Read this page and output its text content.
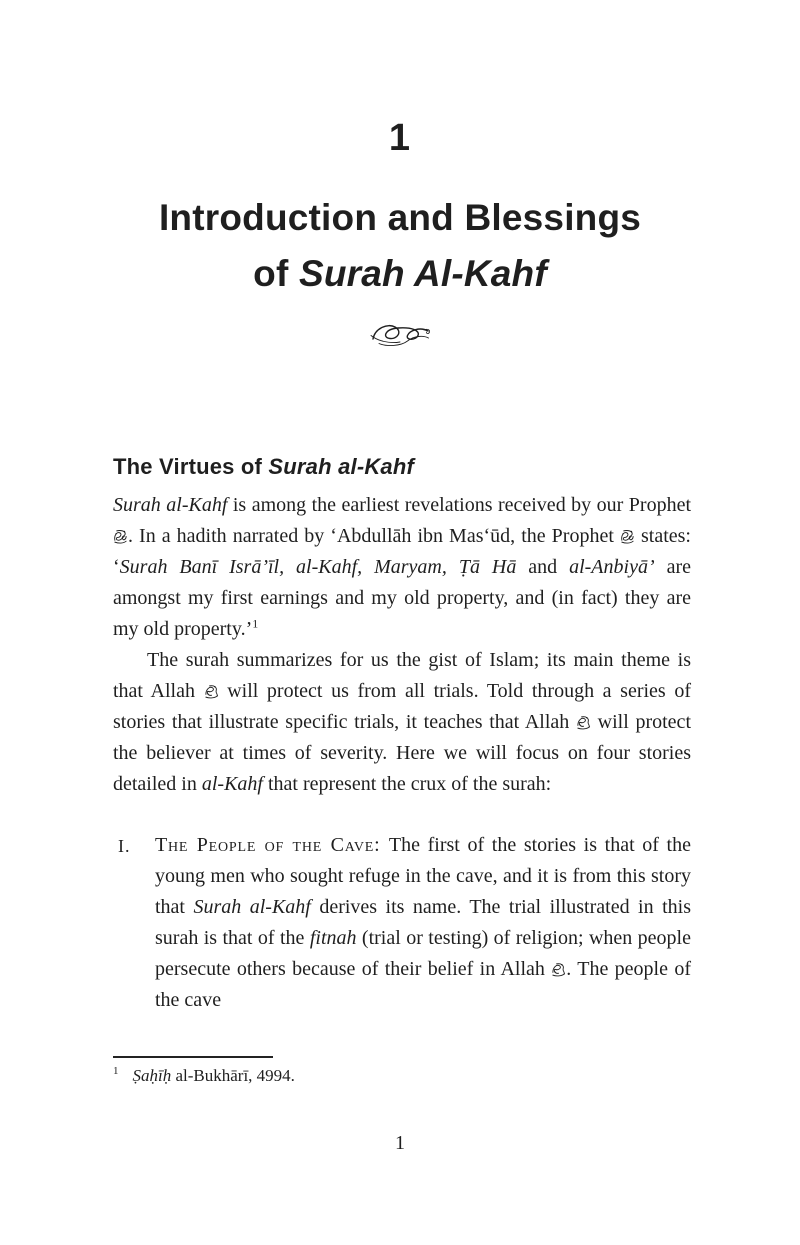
1
Introduction and Blessings
of Surah Al-Kahf
The Virtues of Surah al-Kahf

Surah al-Kahf is among the earliest revelations received by our Prophet
. In a hadith narrated by ‘Abdullāh ibn Mas‘ūd, the Prophet
states: ‘Surah Banī Isrā’īl, al-Kahf, Maryam, Ṭā Hā and al-Anbiyā’ are amongst my first earnings and my old property, and (in fact) they are my old property.’$^1$

The surah summarizes for us the gist of Islam; its main theme is that Allah
will protect us from all trials. Told through a series of stories that illustrate specific trials, it teaches that Allah
will protect the believer at times of severity. Here we will focus on four stories detailed in al-Kahf that represent the crux of the surah:

I. The People of the Cave: The first of the stories is that of the young men who sought refuge in the cave, and it is from this story that Surah al-Kahf derives its name. The trial illustrated in this surah is that of the fitnah (trial or testing) of religion; when people persecute others because of their belief in Allah
. The people of the cave
$^1$ Ṣaḥīḥ al-Bukhārī, 4994.
1
